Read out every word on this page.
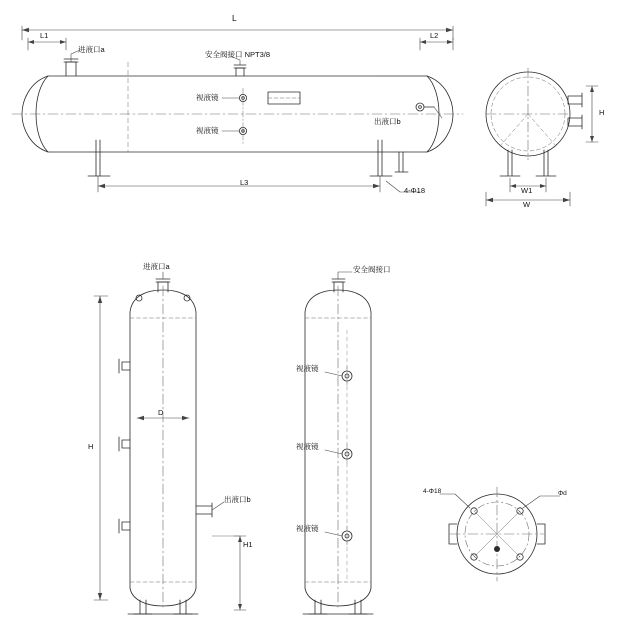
L
L1	L2
L3
进液口a
出液口b
安全阀接口 NPT3/8
视液镜
视液镜
4-Φ18
H
W1
W
进液口a
出液口b
D
H
H1
安全阀接口
视液镜
视液镜
视液镜
4-Φ18	Φd
